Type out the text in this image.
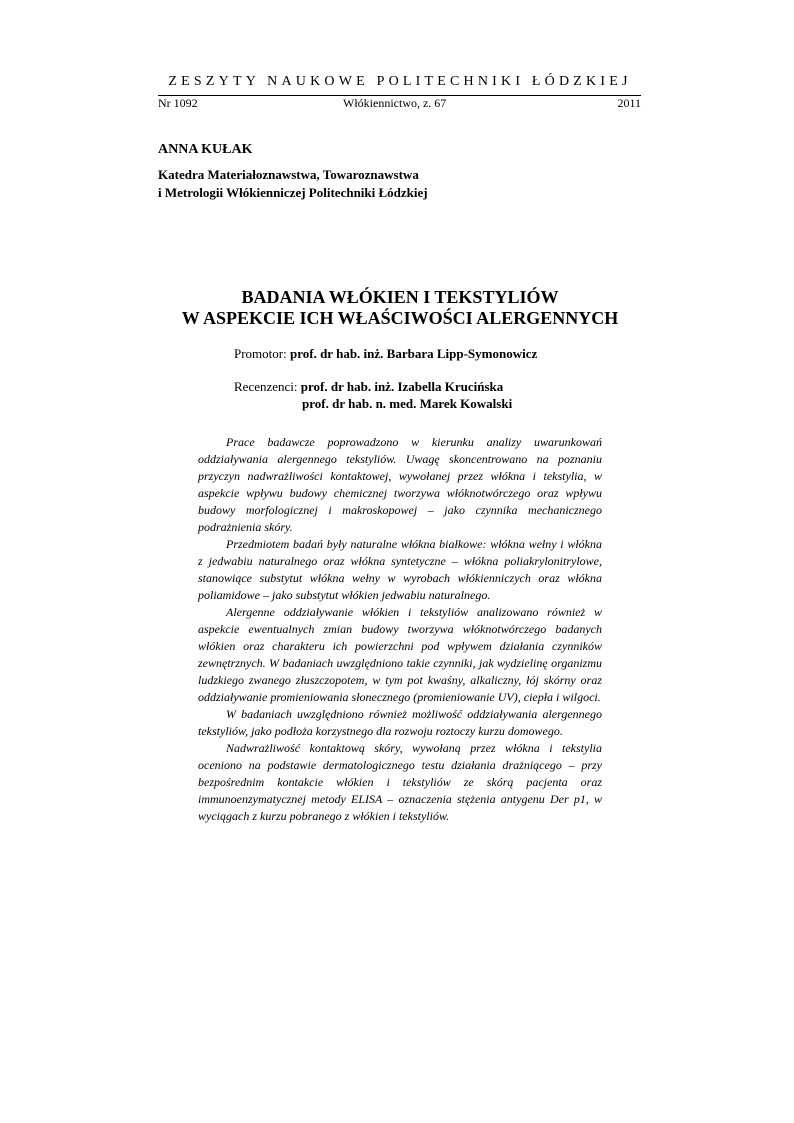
ZESZYTY NAUKOWE POLITECHNIKI ŁÓDZKIEJ
Nr 1092	Włókiennictwo, z. 67	2011
ANNA KUŁAK
Katedra Materiałoznawstwa, Towaroznawstwa
i Metrologii Włókienniczej Politechniki Łódzkiej
BADANIA WŁÓKIEN I TEKSTYLIÓW
W ASPEKCIE ICH WŁAŚCIWOŚCI ALERGENNYCH
Promotor: prof. dr hab. inż. Barbara Lipp-Symonowicz
Recenzenci: prof. dr hab. inż. Izabella Krucińska
prof. dr hab. n. med. Marek Kowalski

Prace badawcze poprowadzono w kierunku analizy uwarunkowań oddziaływania alergennego tekstyliów. Uwagę skoncentrowano na poznaniu przyczyn nadwrażliwości kontaktowej, wywołanej przez włókna i tekstylia, w aspekcie wpływu budowy chemicznej tworzywa włóknotwórczego oraz wpływu budowy morfologicznej i makroskopowej – jako czynnika mechanicznego podrażnienia skóry.

Przedmiotem badań były naturalne włókna białkowe: włókna wełny i włókna z jedwabiu naturalnego oraz włókna syntetyczne – włókna poliakrylonitrylowe, stanowiące substytut włókna wełny w wyrobach włókienniczych oraz włókna poliamidowe – jako substytut włókien jedwabiu naturalnego.

Alergenne oddziaływanie włókien i tekstyliów analizowano również w aspekcie ewentualnych zmian budowy tworzywa włóknotwórczego badanych włókien oraz charakteru ich powierzchni pod wpływem działania czynników zewnętrznych. W badaniach uwzględniono takie czynniki, jak wydzielinę organizmu ludzkiego zwanego złuszczopotem, w tym pot kwaśny, alkaliczny, łój skórny oraz oddziaływanie promieniowania słonecznego (promieniowanie UV), ciepła i wilgoci.

W badaniach uwzględniono również możliwość oddziaływania alergennego tekstyliów, jako podłoża korzystnego dla rozwoju roztoczy kurzu domowego.

Nadwrażliwość kontaktową skóry, wywołaną przez włókna i tekstylia oceniono na podstawie dermatologicznego testu działania drażniącego – przy bezpośrednim kontakcie włókien i tekstyliów ze skórą pacjenta oraz immunoenzymatycznej metody ELISA – oznaczenia stężenia antygenu Der p1, w wyciągach z kurzu pobranego z włókien i tekstyliów.
